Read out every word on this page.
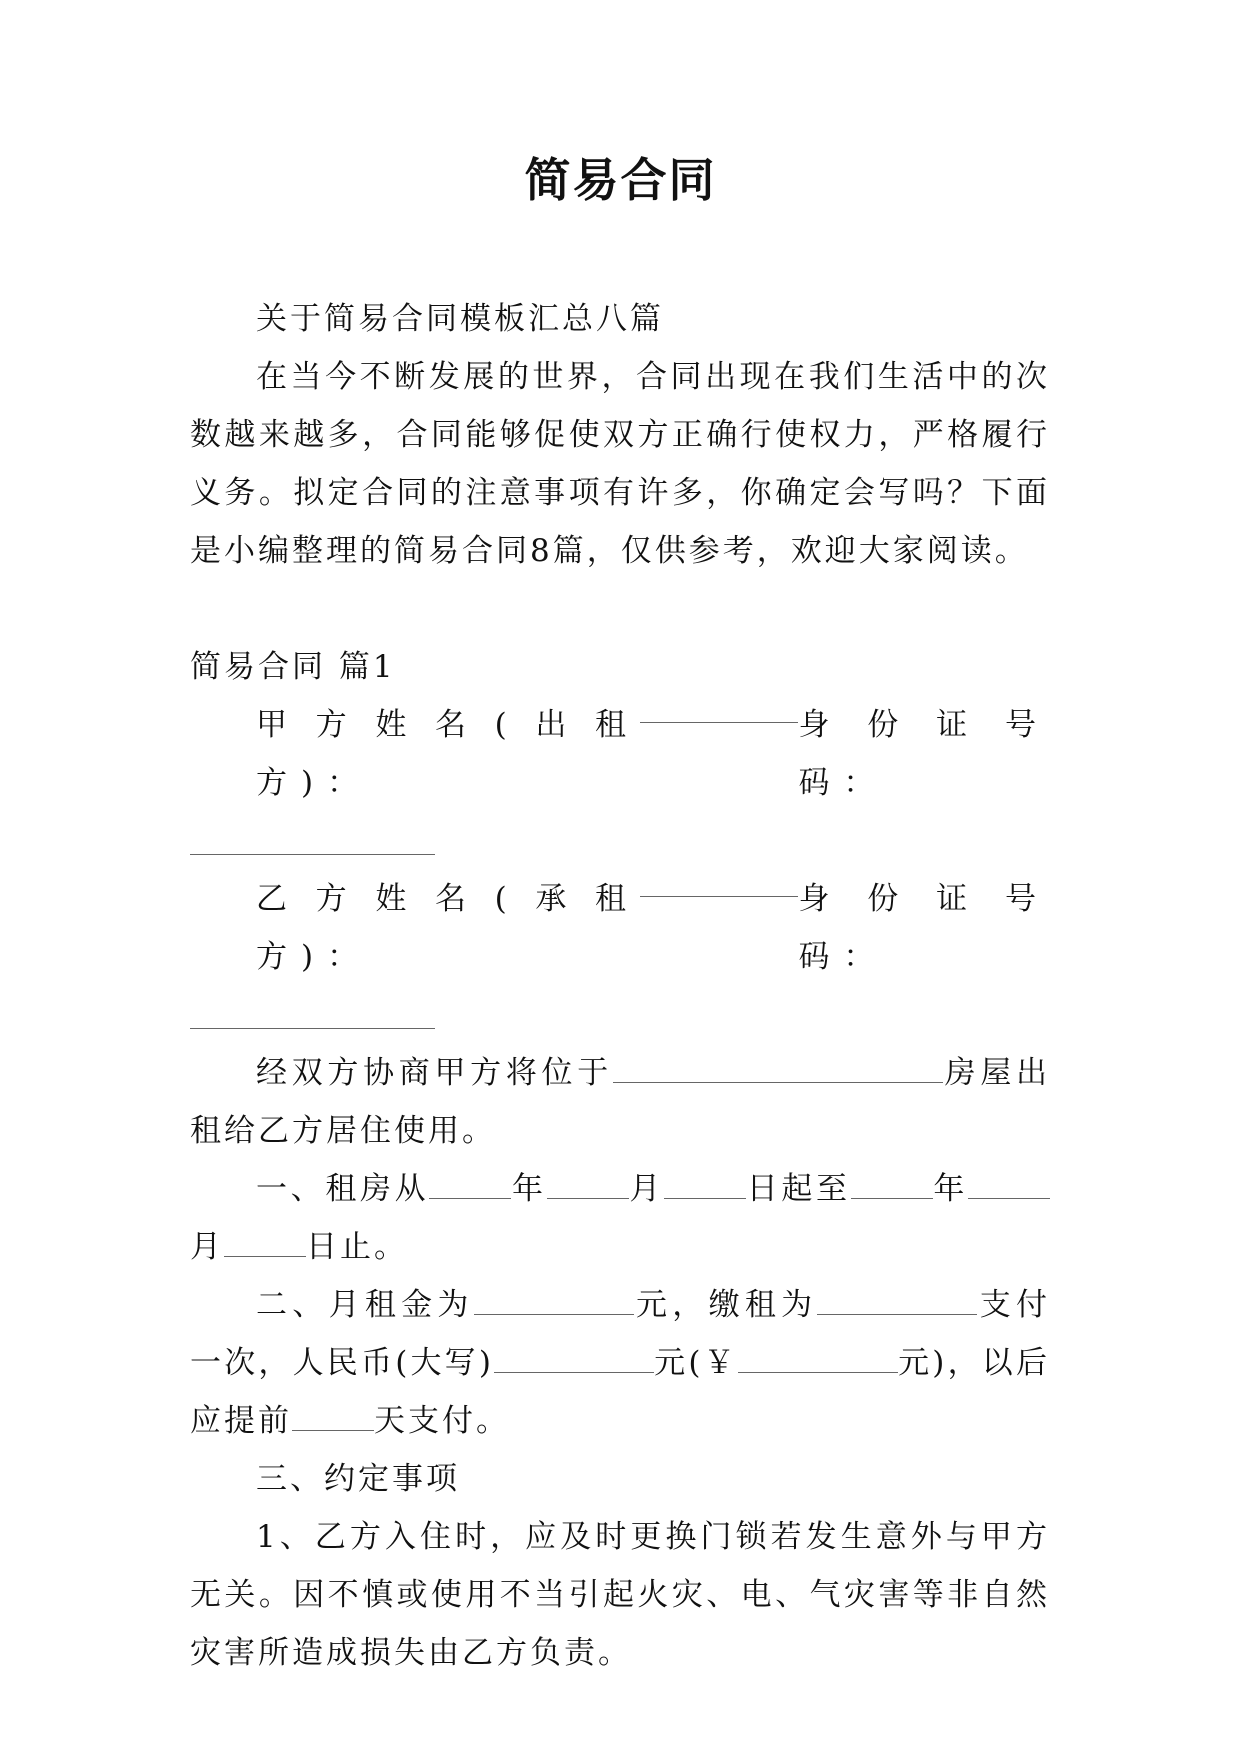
简易合同

关于简易合同模板汇总八篇

在当今不断发展的世界，合同出现在我们生活中的次数越来越多，合同能够促使双方正确行使权力，严格履行义务。拟定合同的注意事项有许多，你确定会写吗？下面是小编整理的简易合同8篇，仅供参考，欢迎大家阅读。

简易合同 篇1

甲方姓名(出租方)：
身份证号码：
乙方姓名(承租方)：
身份证号码：

经双方协商甲方将位于	房屋出租给乙方居住使用。

一、租房从	年	月	日起至	年月	日止。

二、月租金为	元，缴租为	支付一次，人民币(大写)	元(￥	元)，以后应提前	天支付。

三、约定事项

1、乙方入住时，应及时更换门锁若发生意外与甲方无关。因不慎或使用不当引起火灾、电、气灾害等非自然灾害所造成损失由乙方负责。
